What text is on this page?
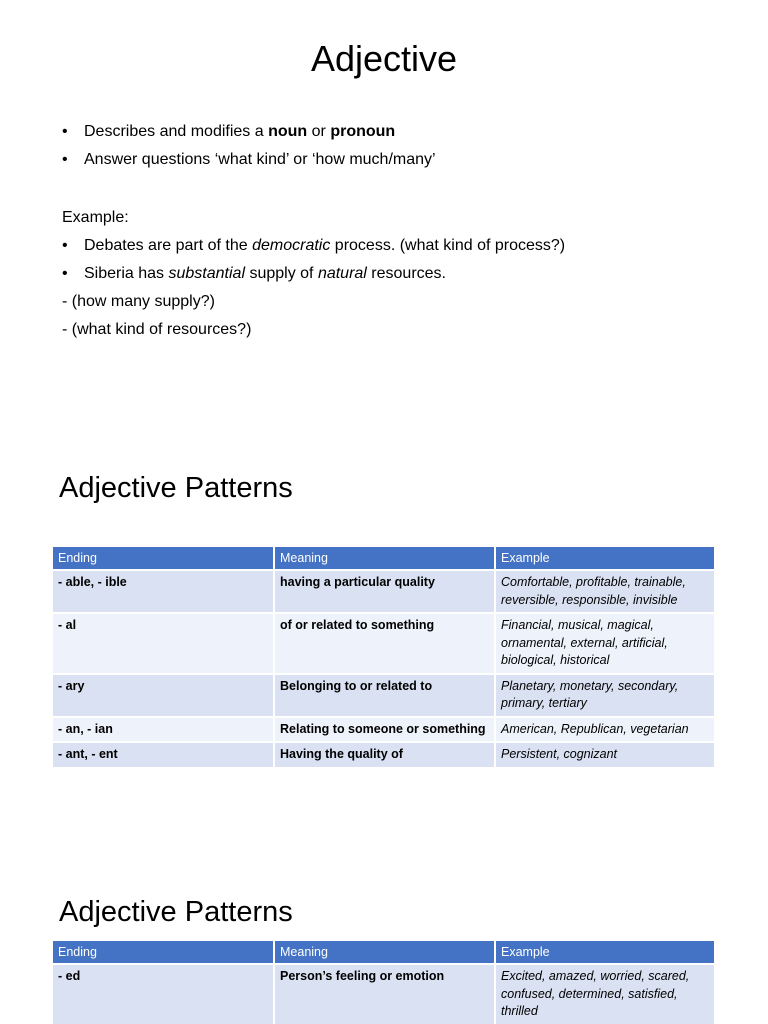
Adjective
•	Describes and modifies a noun or pronoun
•	Answer questions ‘what kind’ or ‘how much/many’
Example:
•	Debates are part of the democratic process. (what kind of process?)
•	Siberia has substantial supply of natural resources.
- (how many supply?)
- (what kind of resources?)
Adjective Patterns
Ending	Meaning	Example
- able, - ible	having a particular quality	Comfortable, profitable, trainable, reversible, responsible, invisible
- al	of or related to something	Financial, musical, magical, ornamental, external, artificial, biological, historical
- ary	Belonging to or related to	Planetary, monetary, secondary, primary, tertiary
- an, - ian	Relating to someone or something	American, Republican, vegetarian
- ant, - ent	Having the quality of	Persistent, cognizant
Adjective Patterns
Ending	Meaning	Example
- ed	Person’s feeling or emotion	Excited, amazed, worried, scared, confused, determined, satisfied, thrilled
